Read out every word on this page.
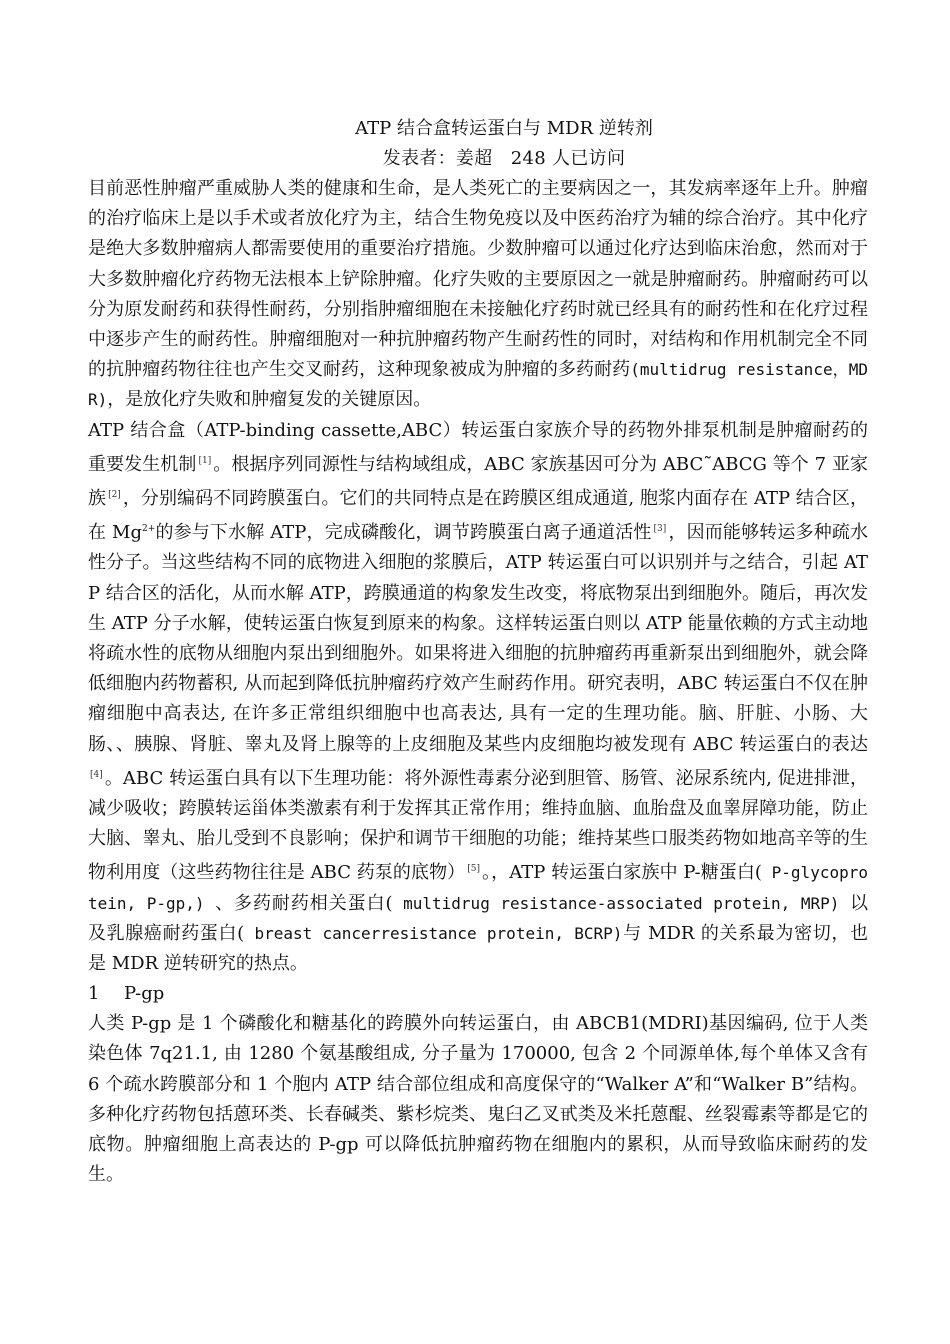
ATP 结合盒转运蛋白与 MDR 逆转剂

发表者：姜超　248 人已访问

目前恶性肿瘤严重威胁人类的健康和生命，是人类死亡的主要病因之一，其发病率逐年上升。肿瘤的治疗临床上是以手术或者放化疗为主，结合生物免疫以及中医药治疗为辅的综合治疗。其中化疗是绝大多数肿瘤病人都需要使用的重要治疗措施。少数肿瘤可以通过化疗达到临床治愈，然而对于大多数肿瘤化疗药物无法根本上铲除肿瘤。化疗失败的主要原因之一就是肿瘤耐药。肿瘤耐药可以分为原发耐药和获得性耐药，分别指肿瘤细胞在未接触化疗药时就已经具有的耐药性和在化疗过程中逐步产生的耐药性。肿瘤细胞对一种抗肿瘤药物产生耐药性的同时，对结构和作用机制完全不同的抗肿瘤药物往往也产生交叉耐药，这种现象被成为肿瘤的多药耐药(multidrug resistance，MDR)，是放化疗失败和肿瘤复发的关键原因。

ATP 结合盒（ATP-binding cassette,ABC）转运蛋白家族介导的药物外排泵机制是肿瘤耐药的重要发生机制 [1] 。根据序列同源性与结构域组成，ABC 家族基因可分为 ABC˜ABCG 等个 7 亚家族 [2] ，分别编码不同跨膜蛋白。它们的共同特点是在跨膜区组成通道, 胞浆内面存在 ATP 结合区，在 $Mg^{2+}$的参与下水解 ATP，完成磷酸化，调节跨膜蛋白离子通道活性 [3] ，因而能够转运多种疏水性分子。当这些结构不同的底物进入细胞的浆膜后，ATP 转运蛋白可以识别并与之结合，引起 ATP 结合区的活化，从而水解 ATP，跨膜通道的构象发生改变，将底物泵出到细胞外。随后，再次发生 ATP 分子水解，使转运蛋白恢复到原来的构象。这样转运蛋白则以 ATP 能量依赖的方式主动地将疏水性的底物从细胞内泵出到细胞外。如果将进入细胞的抗肿瘤药再重新泵出到细胞外，就会降低细胞内药物蓄积, 从而起到降低抗肿瘤药疗效产生耐药作用。研究表明，ABC 转运蛋白不仅在肿瘤细胞中高表达, 在许多正常组织细胞中也高表达, 具有一定的生理功能。脑、肝脏、小肠、大肠、、胰腺、肾脏、睾丸及肾上腺等的上皮细胞及某些内皮细胞均被发现有 ABC 转运蛋白的表达[4] 。ABC 转运蛋白具有以下生理功能：将外源性毒素分泌到胆管、肠管、泌尿系统内, 促进排泄，减少吸收；跨膜转运甾体类激素有利于发挥其正常作用；维持血脑、血胎盘及血睾屏障功能，防止大脑、睾丸、胎儿受到不良影响；保护和调节干细胞的功能；维持某些口服类药物如地高辛等的生物利用度（这些药物往往是 ABC 药泵的底物） [5] 。，ATP 转运蛋白家族中 P-糖蛋白( P-glycoprotein, P-gp,) 、多药耐药相关蛋白( multidrug resistance-associated protein, MRP) 以及乳腺癌耐药蛋白( breast cancerresistance protein, BCRP)与 MDR 的关系最为密切，也是 MDR 逆转研究的热点。

1 P-gp

人类 P-gp 是 1 个磷酸化和糖基化的跨膜外向转运蛋白，由 ABCB1(MDRI)基因编码, 位于人类染色体 7q21.1, 由 1280 个氨基酸组成, 分子量为 170000, 包含 2 个同源单体,每个单体又含有 6 个疏水跨膜部分和 1 个胞内 ATP 结合部位组成和高度保守的“Walker A”和“Walker B”结构。多种化疗药物包括蒽环类、长春碱类、紫杉烷类、鬼臼乙叉甙类及米托蒽醌、丝裂霉素等都是它的底物。肿瘤细胞上高表达的 P-gp 可以降低抗肿瘤药物在细胞内的累积，从而导致临床耐药的发生。
